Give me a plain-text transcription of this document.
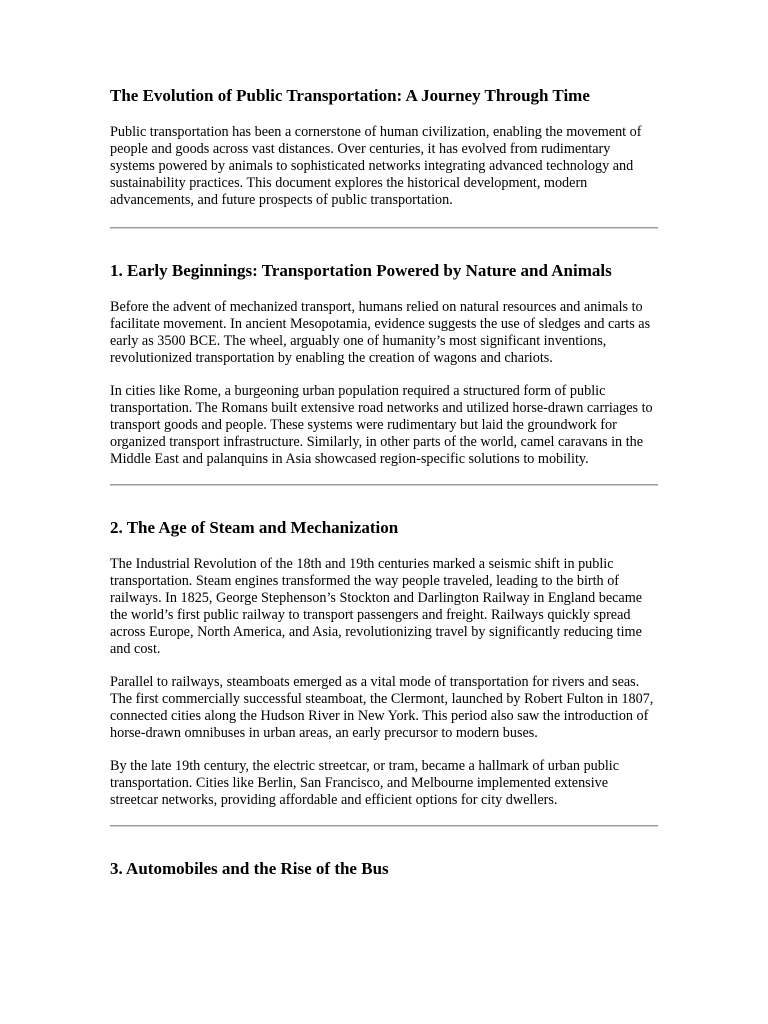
The Evolution of Public Transportation: A Journey Through Time

Public transportation has been a cornerstone of human civilization, enabling the movement of people and goods across vast distances. Over centuries, it has evolved from rudimentary systems powered by animals to sophisticated networks integrating advanced technology and sustainability practices. This document explores the historical development, modern advancements, and future prospects of public transportation.

1. Early Beginnings: Transportation Powered by Nature and Animals

Before the advent of mechanized transport, humans relied on natural resources and animals to facilitate movement. In ancient Mesopotamia, evidence suggests the use of sledges and carts as early as 3500 BCE. The wheel, arguably one of humanity’s most significant inventions, revolutionized transportation by enabling the creation of wagons and chariots.

In cities like Rome, a burgeoning urban population required a structured form of public transportation. The Romans built extensive road networks and utilized horse-drawn carriages to transport goods and people. These systems were rudimentary but laid the groundwork for organized transport infrastructure. Similarly, in other parts of the world, camel caravans in the Middle East and palanquins in Asia showcased region-specific solutions to mobility.

2. The Age of Steam and Mechanization

The Industrial Revolution of the 18th and 19th centuries marked a seismic shift in public transportation. Steam engines transformed the way people traveled, leading to the birth of railways. In 1825, George Stephenson’s Stockton and Darlington Railway in England became the world’s first public railway to transport passengers and freight. Railways quickly spread across Europe, North America, and Asia, revolutionizing travel by significantly reducing time and cost.

Parallel to railways, steamboats emerged as a vital mode of transportation for rivers and seas. The first commercially successful steamboat, the Clermont, launched by Robert Fulton in 1807, connected cities along the Hudson River in New York. This period also saw the introduction of horse-drawn omnibuses in urban areas, an early precursor to modern buses.

By the late 19th century, the electric streetcar, or tram, became a hallmark of urban public transportation. Cities like Berlin, San Francisco, and Melbourne implemented extensive streetcar networks, providing affordable and efficient options for city dwellers.

3. Automobiles and the Rise of the Bus
